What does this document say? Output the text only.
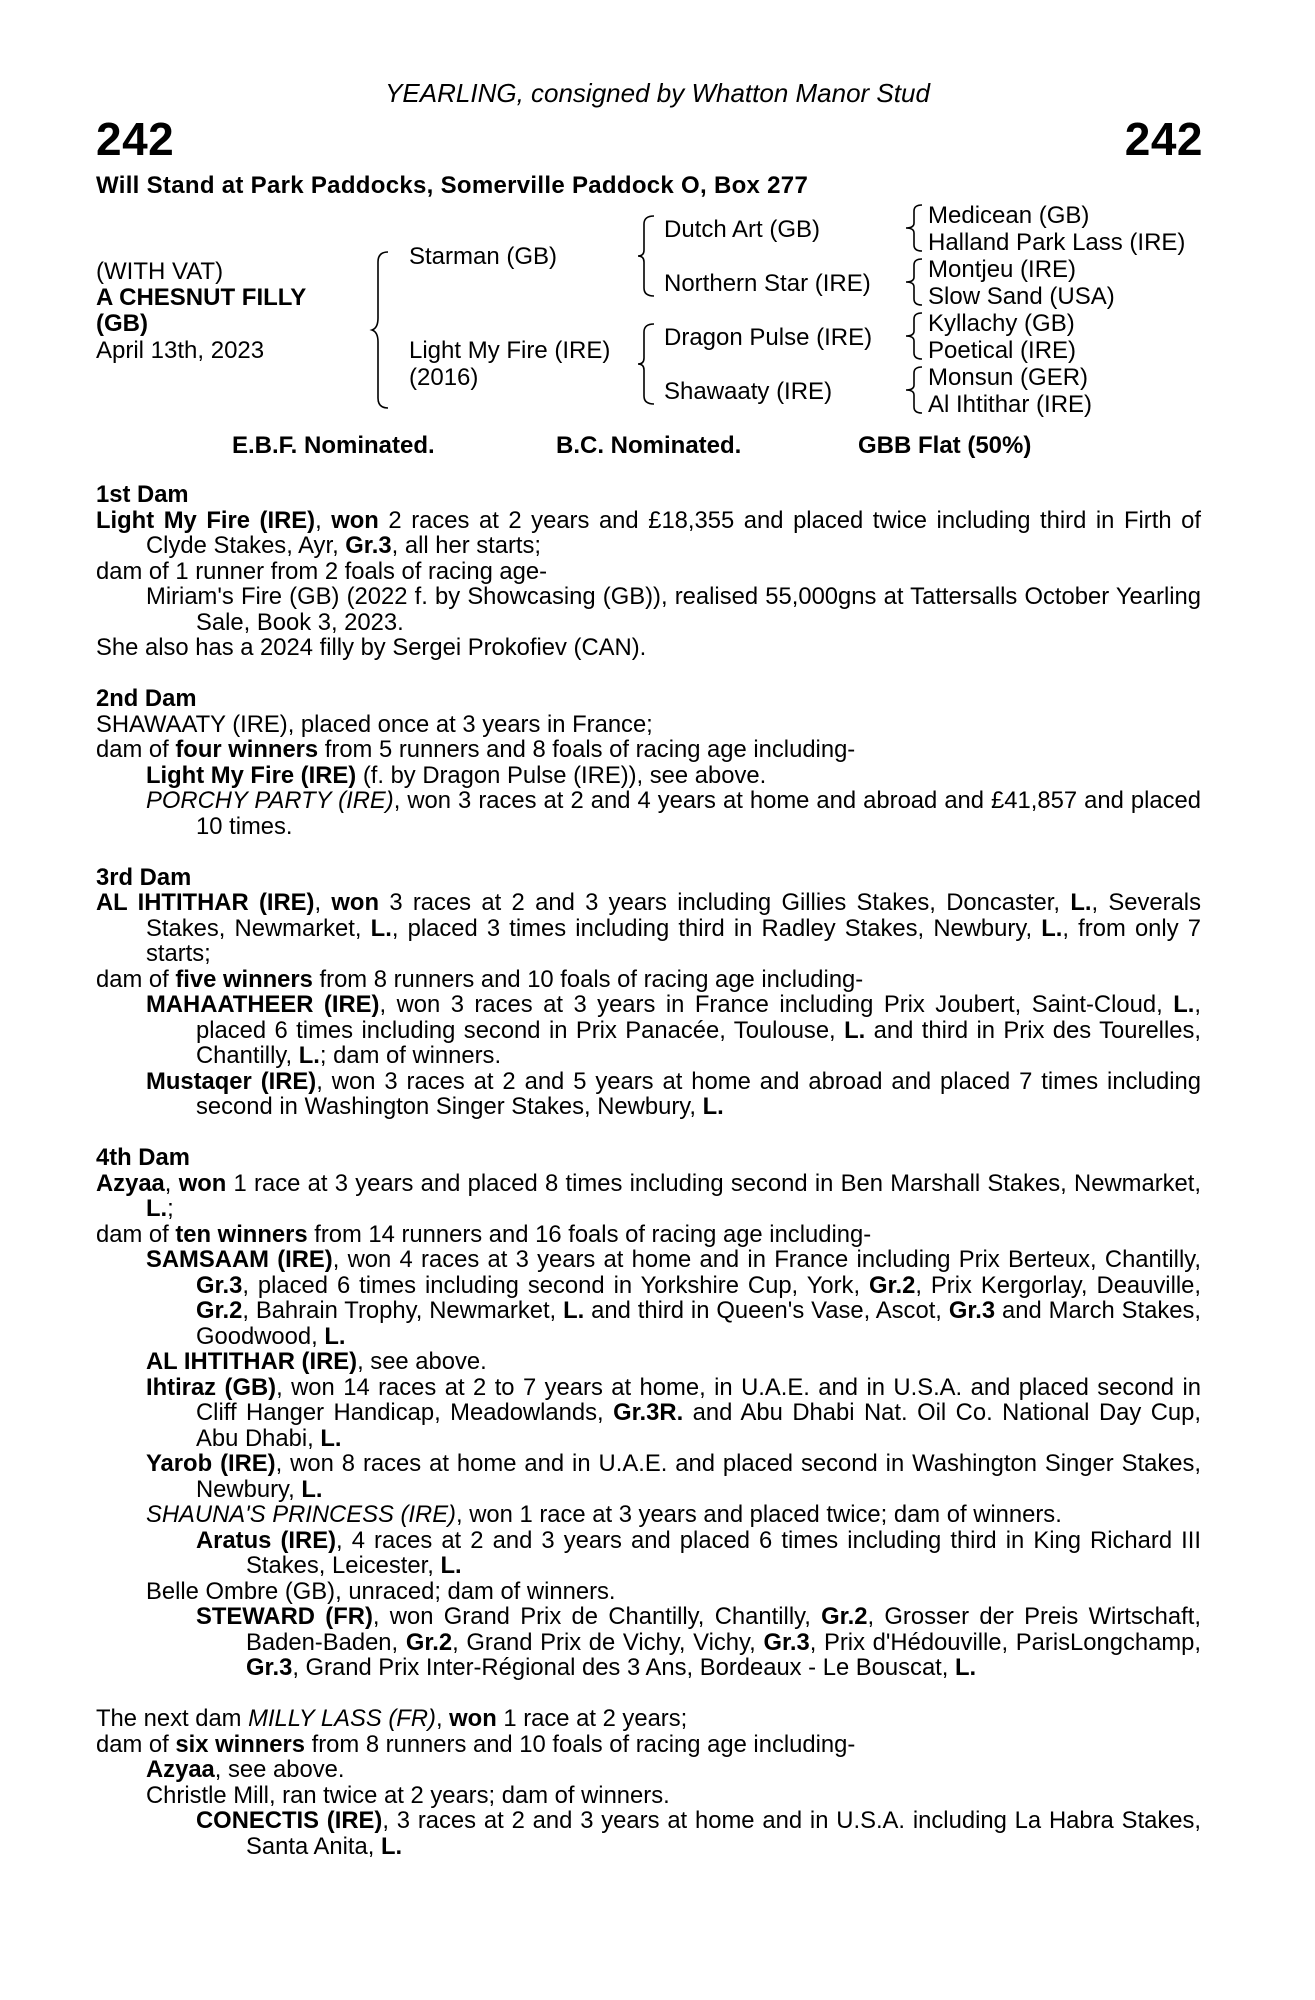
YEARLING, consigned by Whatton Manor Stud
242	242
Will Stand at Park Paddocks, Somerville Paddock O, Box 277
(WITH VAT)
A CHESNUT FILLY
(GB)
April 13th, 2023
Starman (GB)
Light My Fire (IRE)
(2016)
Dutch Art (GB)
Northern Star (IRE)
Dragon Pulse (IRE)
Shawaaty (IRE)
Medicean (GB)
Halland Park Lass (IRE)
Montjeu (IRE)
Slow Sand (USA)
Kyllachy (GB)
Poetical (IRE)
Monsun (GER)
Al Ihtithar (IRE)
E.B.F. Nominated.	B.C. Nominated.	GBB Flat (50%)

1st Dam

Light My Fire (IRE), won 2 races at 2 years and £18,355 and placed twice including third in Firth of Clyde Stakes, Ayr, Gr.3, all her starts;

dam of 1 runner from 2 foals of racing age-

Miriam's Fire (GB) (2022 f. by Showcasing (GB)), realised 55,000gns at Tattersalls October Yearling Sale, Book 3, 2023.

She also has a 2024 filly by Sergei Prokofiev (CAN).

2nd Dam

SHAWAATY (IRE), placed once at 3 years in France;

dam of four winners from 5 runners and 8 foals of racing age including-

Light My Fire (IRE) (f. by Dragon Pulse (IRE)), see above.

PORCHY PARTY (IRE), won 3 races at 2 and 4 years at home and abroad and £41,857 and placed 10 times.

3rd Dam

AL IHTITHAR (IRE), won 3 races at 2 and 3 years including Gillies Stakes, Doncaster, L., Severals Stakes, Newmarket, L., placed 3 times including third in Radley Stakes, Newbury, L., from only 7 starts;

dam of five winners from 8 runners and 10 foals of racing age including-

MAHAATHEER (IRE), won 3 races at 3 years in France including Prix Joubert, Saint-Cloud, L., placed 6 times including second in Prix Panacée, Toulouse, L. and third in Prix des Tourelles, Chantilly, L.; dam of winners.

Mustaqer (IRE), won 3 races at 2 and 5 years at home and abroad and placed 7 times including second in Washington Singer Stakes, Newbury, L.

4th Dam

Azyaa, won 1 race at 3 years and placed 8 times including second in Ben Marshall Stakes, Newmarket, L.;

dam of ten winners from 14 runners and 16 foals of racing age including-

SAMSAAM (IRE), won 4 races at 3 years at home and in France including Prix Berteux, Chantilly, Gr.3, placed 6 times including second in Yorkshire Cup, York, Gr.2, Prix Kergorlay, Deauville, Gr.2, Bahrain Trophy, Newmarket, L. and third in Queen's Vase, Ascot, Gr.3 and March Stakes, Goodwood, L.

AL IHTITHAR (IRE), see above.

Ihtiraz (GB), won 14 races at 2 to 7 years at home, in U.A.E. and in U.S.A. and placed second in Cliff Hanger Handicap, Meadowlands, Gr.3R. and Abu Dhabi Nat. Oil Co. National Day Cup, Abu Dhabi, L.

Yarob (IRE), won 8 races at home and in U.A.E. and placed second in Washington Singer Stakes, Newbury, L.

SHAUNA'S PRINCESS (IRE), won 1 race at 3 years and placed twice; dam of winners.

Aratus (IRE), 4 races at 2 and 3 years and placed 6 times including third in King Richard III Stakes, Leicester, L.

Belle Ombre (GB), unraced; dam of winners.

STEWARD (FR), won Grand Prix de Chantilly, Chantilly, Gr.2, Grosser der Preis Wirtschaft, Baden-Baden, Gr.2, Grand Prix de Vichy, Vichy, Gr.3, Prix d'Hédouville, ParisLongchamp, Gr.3, Grand Prix Inter-Régional des 3 Ans, Bordeaux - Le Bouscat, L.

The next dam MILLY LASS (FR), won 1 race at 2 years;

dam of six winners from 8 runners and 10 foals of racing age including-

Azyaa, see above.

Christle Mill, ran twice at 2 years; dam of winners.

CONECTIS (IRE), 3 races at 2 and 3 years at home and in U.S.A. including La Habra Stakes, Santa Anita, L.
